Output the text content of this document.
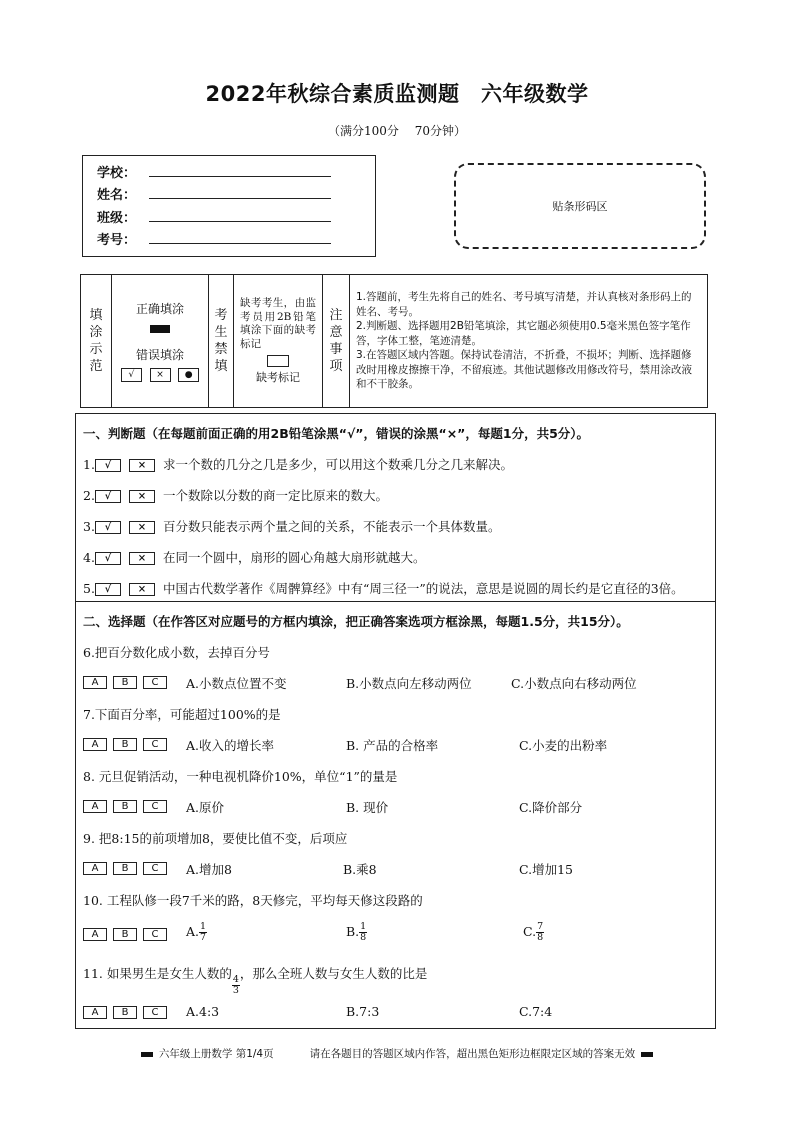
2022年秋综合素质监测题　六年级数学
（满分100分　 70分钟）
学校：
姓名：
班级：
考号：
贴条形码区
填涂示范

正确填涂
错误填涂
√ × ●

考生禁填

缺考考生，由监考员用2B铅笔填涂下面的缺考标记
缺考标记

注意事项

1.答题前，考生先将自己的姓名、考号填写清楚，并认真核对条形码上的姓名、考号。
2.判断题、选择题用2B铅笔填涂，其它题必须使用0.5毫米黑色签字笔作答，字体工整，笔迹清楚。
3.在答题区域内答题。保持试卷清洁，不折叠，不损坏；判断、选择题修改时用橡皮擦擦干净，不留痕迹。其他试题修改用修改符号，禁用涂改液和不干胶条。
一、判断题（在每题前面正确的用2B铅笔涂黑“√”，错误的涂黑“×”，每题1分，共5分）。
1. √	× 求一个数的几分之几是多少，可以用这个数乘几分之几来解决。
2. √	× 一个数除以分数的商一定比原来的数大。
3. √	× 百分数只能表示两个量之间的关系，不能表示一个具体数量。
4. √	× 在同一个圆中，扇形的圆心角越大扇形就越大。
5. √	× 中国古代数学著作《周髀算经》中有“周三径一”的说法，意思是说圆的周长约是它直径的3倍。
二、选择题（在作答区对应题号的方框内填涂，把正确答案选项方框涂黑，每题1.5分，共15分）。
6.把百分数化成小数，去掉百分号
A B C A.小数点位置不变	B.小数点向左移动两位	C.小数点向右移动两位
7.下面百分率，可能超过100%的是
A B C A.收入的增长率	B. 产品的合格率	C.小麦的出粉率
8. 元旦促销活动，一种电视机降价10%，单位“1”的量是
A B C A.原价	B. 现价	C.降价部分
9. 把8:15的前项增加8，要使比值不变，后项应
A B C A.增加8	B.乘8	C.增加15
10. 工程队修一段7千米的路，8天修完，平均每天修这段路的
A B C A. $\frac{1}{7}$	B. $\frac{1}{8}$	C. $\frac{7}{8}$
11. 如果男生是女生人数的
$\frac{4}{3}$
，那么全班人数与女生人数的比是
A B C A.4:3	B.7:3	C.7:4
六年级上册数学 第1/4页	请在各题目的答题区域内作答，超出黑色矩形边框限定区域的答案无效
